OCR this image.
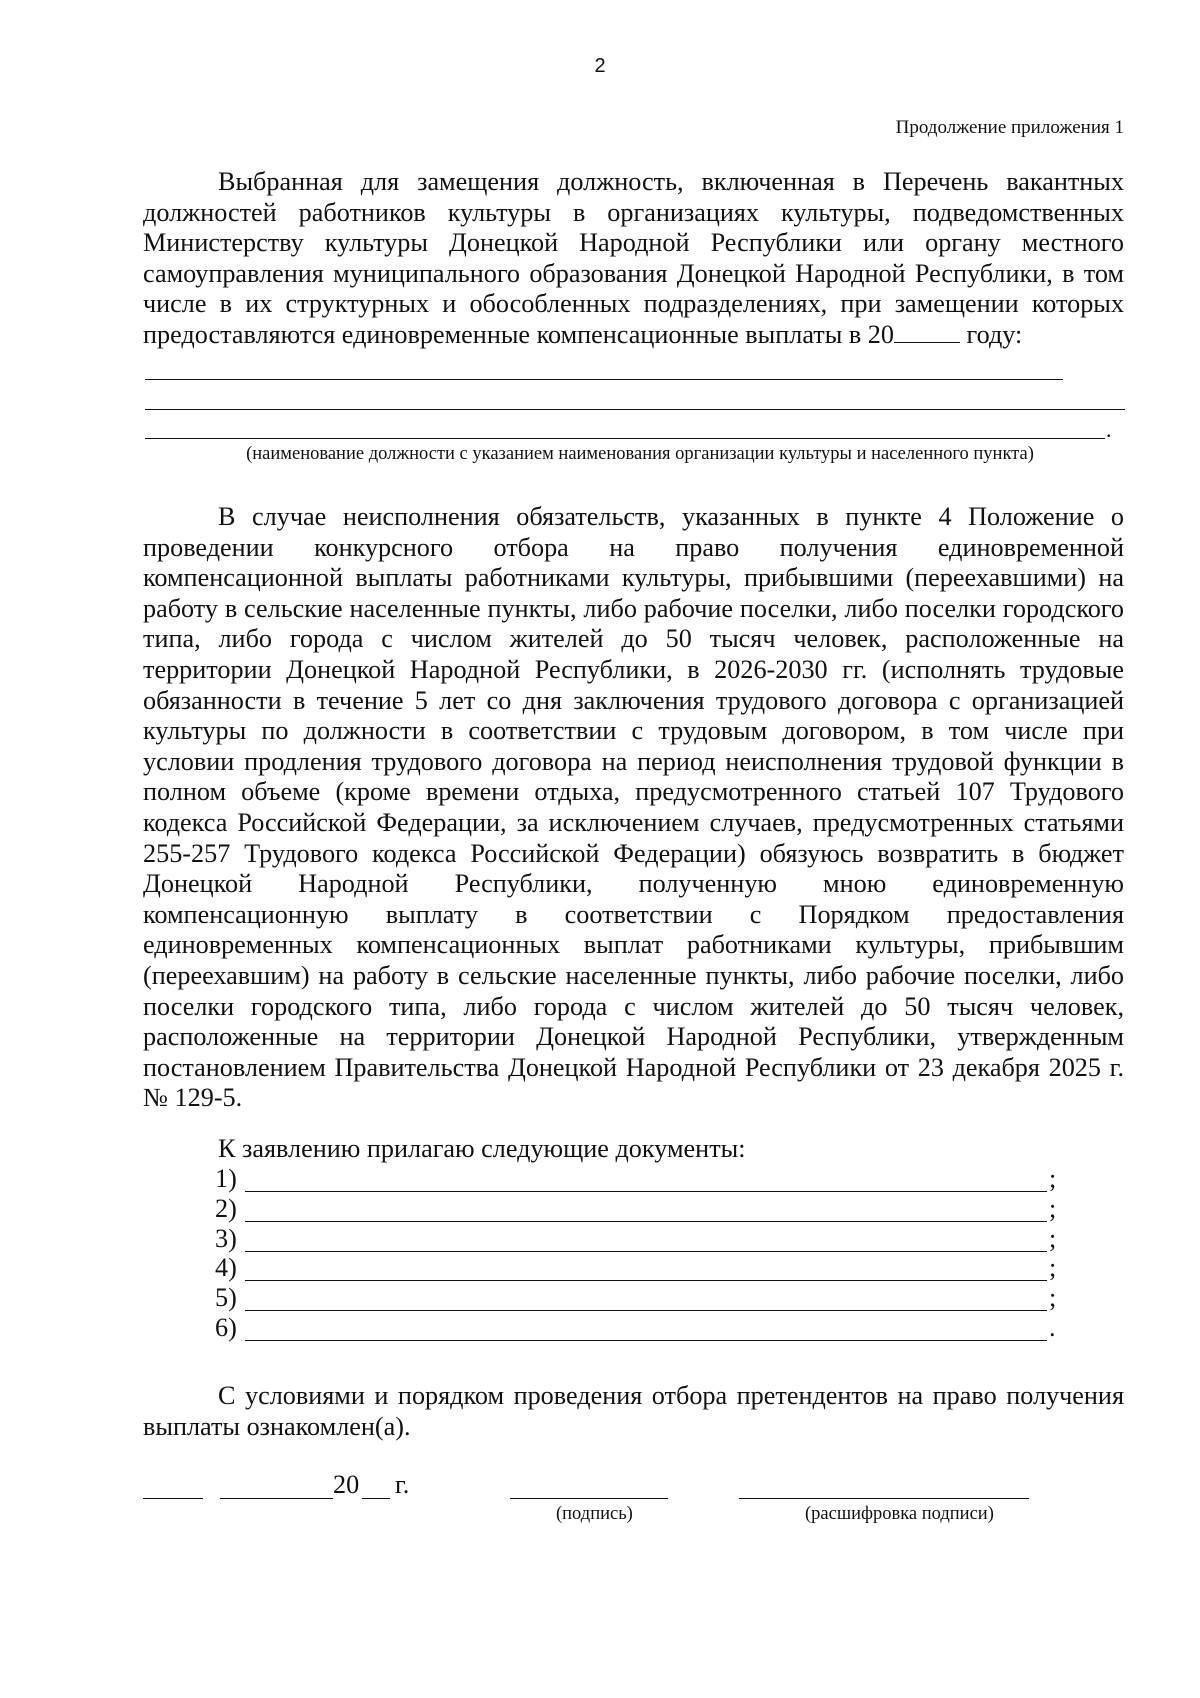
2
Продолжение приложения 1

Выбранная для замещения должность, включенная в Перечень вакантных должностей работников культуры в организациях культуры, подведомственных Министерству культуры Донецкой Народной Республики или органу местного самоуправления муниципального образования Донецкой Народной Республики, в том числе в их структурных и обособленных подразделениях, при замещении которых предоставляются единовременные компенсационные выплаты в 20	году:

.
(наименование должности с указанием наименования организации культуры и населенного пункта)

В случае неисполнения обязательств, указанных в пункте 4 Положение о проведении конкурсного отбора на право получения единовременной компенсационной выплаты работниками культуры, прибывшими (переехавшими) на работу в сельские населенные пункты, либо рабочие поселки, либо поселки городского типа, либо города с числом жителей до 50 тысяч человек, расположенные на территории Донецкой Народной Республики, в 2026-2030 гг. (исполнять трудовые обязанности в течение 5 лет со дня заключения трудового договора с организацией культуры по должности в соответствии с трудовым договором, в том числе при условии продления трудового договора на период неисполнения трудовой функции в полном объеме (кроме времени отдыха, предусмотренного статьей 107 Трудового кодекса Российской Федерации, за исключением случаев, предусмотренных статьями 255-257 Трудового кодекса Российской Федерации) обязуюсь возвратить в бюджет Донецкой Народной Республики, полученную мною единовременную компенсационную выплату в соответствии с Порядком предоставления единовременных компенсационных выплат работниками культуры, прибывшим (переехавшим) на работу в сельские населенные пункты, либо рабочие поселки, либо поселки городского типа, либо города с числом жителей до 50 тысяч человек, расположенные на территории Донецкой Народной Республики, утвержденным постановлением Правительства Донецкой Народной Республики от 23 декабря 2025 г. № 129-5.

К заявлению прилагаю следующие документы:
1)	;
2)	;
3)	;
4)	;
5)	;
6)	.

С условиями и порядком проведения отбора претендентов на право получения выплаты ознакомлен(а).

20 г.
(подпись)	(расшифровка подписи)
